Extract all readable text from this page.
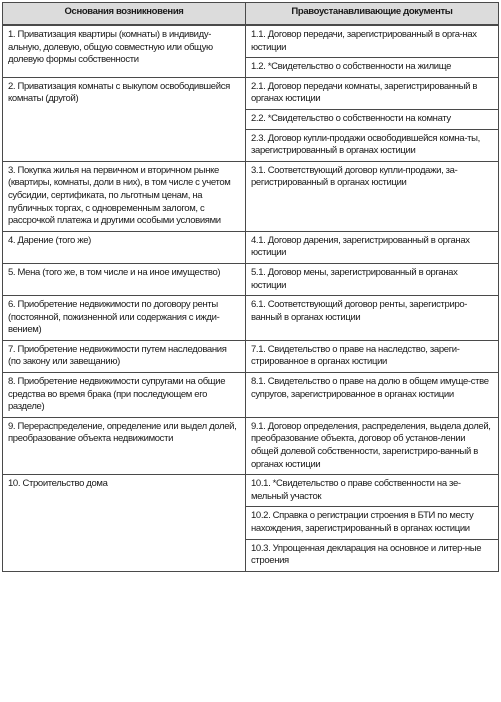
Основания возникновения	Правоустанавливающие документы
1. Приватизация квартиры (комнаты) в индивиду-альную, долевую, общую совместную или общую долевую формы собственности	1.1. Договор передачи, зарегистрированный в орга-нах юстиции
	1.2. *Свидетельство о собственности на жилище
2. Приватизация комнаты с выкупом освободившейся комнаты (другой)	2.1. Договор передачи комнаты, зарегистрированный в органах юстиции
	2.2. *Свидетельство о собственности на комнату
	2.3. Договор купли-продажи освободившейся комна-ты, зарегистрированный в органах юстиции
3. Покупка жилья на первичном и вторичном рынке (квартиры, комнаты, доли в них), в том числе с учетом субсидии, сертификата, по льготным ценам, на публичных торгах, с одновременным залогом, с рассрочкой платежа и другими особыми условиями	3.1. Соответствующий договор купли-продажи, за-регистрированный в органах юстиции
4. Дарение (того же)	4.1. Договор дарения, зарегистрированный в органах юстиции
5. Мена (того же, в том числе и на иное имущество)	5.1. Договор мены, зарегистрированный в органах юстиции
6. Приобретение недвижимости по договору ренты (постоянной, пожизненной или содержания с ижди-вением)	6.1. Соответствующий договор ренты, зарегистриро-ванный в органах юстиции
7. Приобретение недвижимости путем наследования (по закону или завещанию)	7.1. Свидетельство о праве на наследство, зареги-стрированное в органах юстиции
8. Приобретение недвижимости супругами на общие средства во время брака (при последующем его разделе)	8.1. Свидетельство о праве на долю в общем имуще-стве супругов, зарегистрированное в органах юстиции
9. Перераспределение, определение или выдел долей, преобразование объекта недвижимости	9.1. Договор определения, распределения, выдела долей, преобразование объекта, договор об установ-лении общей долевой собственности, зарегистриро-ванный в органах юстиции
10. Строительство дома	10.1. *Свидетельство о праве собственности на зе-мельный участок
	10.2. Справка о регистрации строения в БТИ по месту нахождения, зарегистрированный в органах юстиции
	10.3. Упрощенная декларация на основное и литер-ные строения
